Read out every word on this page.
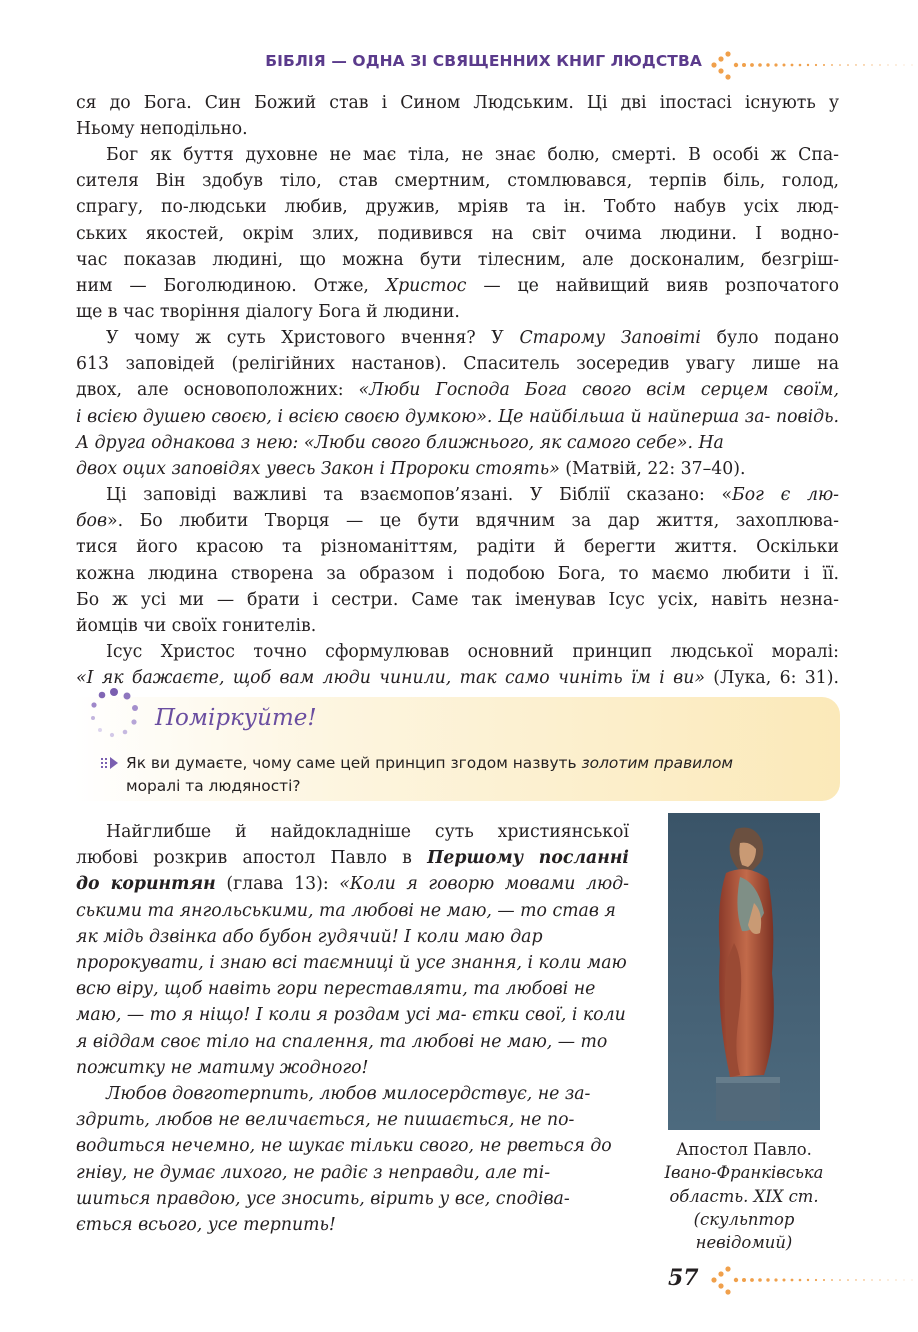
БІБЛІЯ — ОДНА ЗІ СВЯЩЕННИХ КНИГ ЛЮДСТВА

ся до Бога. Син Божий став і Сином Людським. Ці дві іпостасі існують у
Ньому неподільно.

Бог як буття духовне не має тіла, не знає болю, смерті. В особі ж Спа-
сителя Він здобув тіло, став смертним, стомлювався, терпів біль, голод,
спрагу, по-людськи любив, дружив, мріяв та ін. Тобто набув усіх люд-
ських якостей, окрім злих, подивився на світ очима людини. І водно-
час показав людині, що можна бути тілесним, але досконалим, безгріш-
ним — Боголюдиною. Отже, Христос — це найвищий вияв розпочатого
ще в час творіння діалогу Бога й людини.

У чому ж суть Христового вчення? У Старому Заповіті було подано
613 заповідей (релігійних настанов). Спаситель зосередив увагу лише на
двох, але основоположних: «Люби Господа Бога свого всім серцем своїм,
і всією душею своєю, і всією своєю думкою». Це найбільша й найперша за- повідь. А друга однакова з нею: «Люби свого ближнього, як самого себе». На
двох оцих заповідях увесь Закон і Пророки стоять» (Матвій, 22: 37–40).

Ці заповіді важливі та взаємопов’язані. У Біблії сказано: «Бог є лю-
бов». Бо любити Творця — це бути вдячним за дар життя, захоплюва-
тися його красою та різноманіттям, радіти й берегти життя. Оскільки
кожна людина створена за образом і подобою Бога, то маємо любити і її.
Бо ж усі ми — брати і сестри. Саме так іменував Ісус усіх, навіть незна-
йомців чи своїх гонителів.

Ісус Христос точно сформулював основний принцип людської моралі:
«І як бажаєте, щоб вам люди чинили, так само чиніть їм і ви» (Лука, 6: 31).

Поміркуйте!
Як ви думаєте, чому саме цей принцип згодом назвуть золотим правилом
моралі та людяності?

Найглибше й найдокладніше суть християнської
любові розкрив апостол Павло в Першому посланні
до коринтян (глава 13): «Коли я говорю мовами люд-
ськими та янгольськими, та любові не маю, — то став я як мідь дзвінка або бубон гудячий! І коли маю дар пророкувати, і знаю всі таємниці й усе знання, і коли маю всю віру, щоб навіть гори переставляти, та любові не маю, — то я ніщо! І коли я роздам усі ма- єтки свої, і коли я віддам своє тіло на спалення, та любові не маю, — то пожитку не матиму жодного!

Любов довготерпить, любов милосердствує, не за- здрить, любов не величається, не пишається, не по- водиться нечемно, не шукає тільки свого, не рветься до гніву, не думає лихого, не радіє з неправди, але ті- шиться правдою, усе зносить, вірить у все, сподіва- ється всього, усе терпить!

Апостол Павло.
Івано-Франківська
область. XIX ст.
(скульптор
невідомий)
57
